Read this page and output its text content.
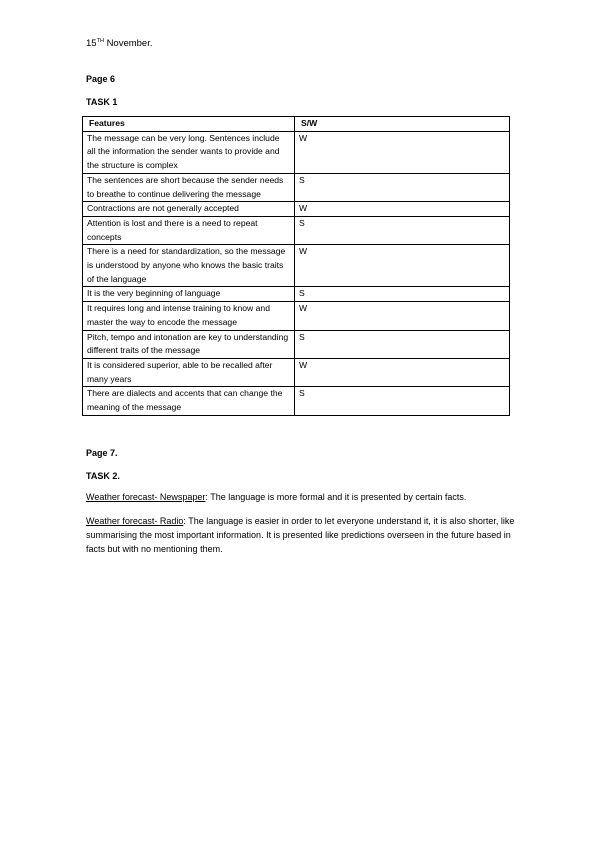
15TH November.
Page 6
TASK 1
Features	S/W
The message can be very long. Sentences include all the information the sender wants to provide and the structure is complex	W
The sentences are short because the sender needs to breathe to continue delivering the message	S
Contractions are not generally accepted	W
Attention is lost and there is a need to repeat concepts	S
There is a need for standardization, so the message is understood by anyone who knows the basic traits of the language	W
It is the very beginning of language	S
It requires long and intense training to know and master the way to encode the message	W
Pitch, tempo and intonation are key to understanding different traits of the message	S
It is considered superior, able to be recalled after many years	W
There are dialects and accents that can change the meaning of the message	S
Page 7.
TASK 2.
Weather forecast- Newspaper: The language is more formal and it is presented by certain facts.
Weather forecast- Radio: The language is easier in order to let everyone understand it, it is also shorter, like summarising the most important information. It is presented like predictions overseen in the future based in facts but with no mentioning them.
